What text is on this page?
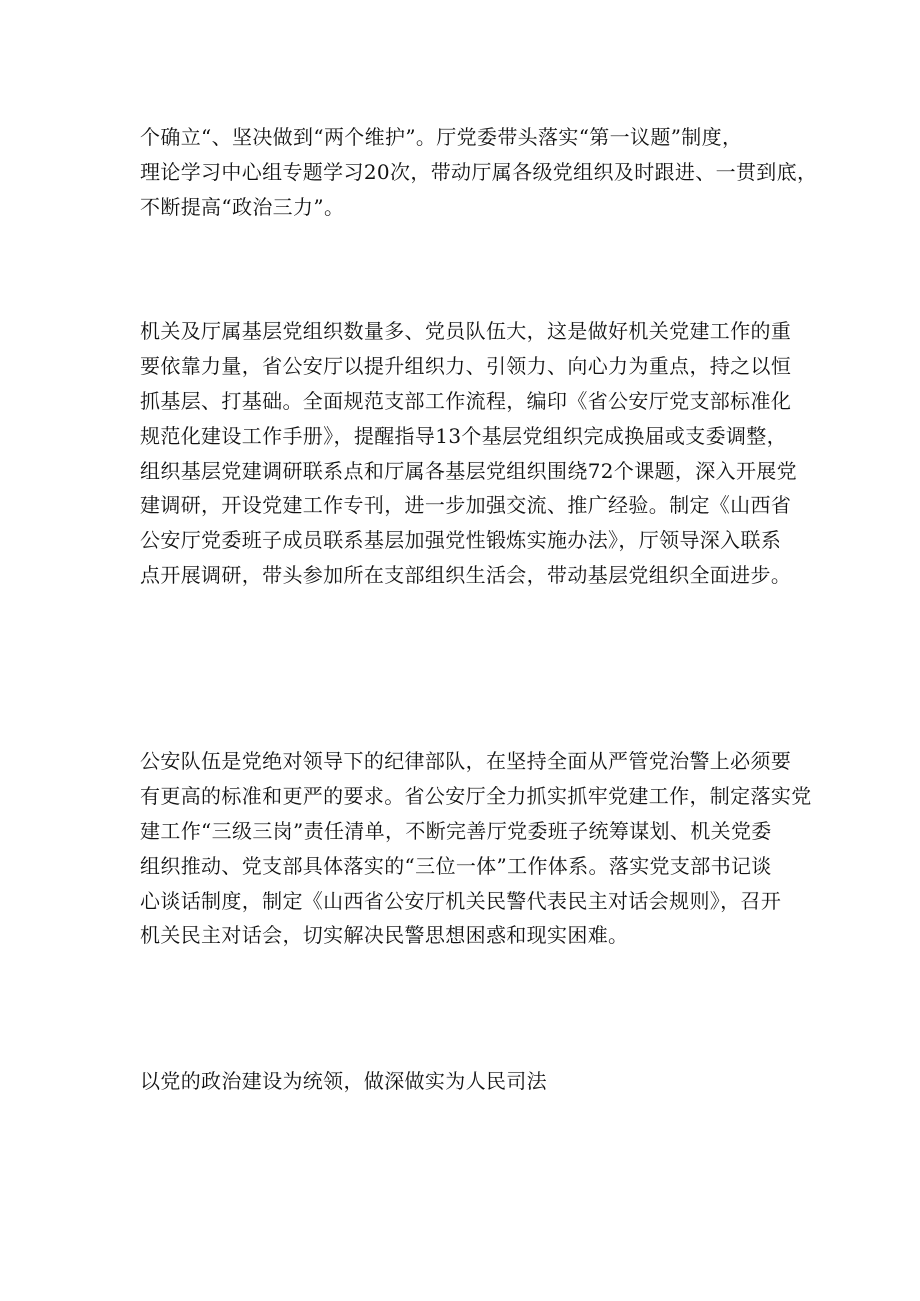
个确立“、坚决做到“两个维护”。厅党委带头落实“第一议题”制度，
理论学习中心组专题学习20次，带动厅属各级党组织及时跟进、一贯到底，
不断提高“政治三力”。
机关及厅属基层党组织数量多、党员队伍大，这是做好机关党建工作的重
要依靠力量，省公安厅以提升组织力、引领力、向心力为重点，持之以恒
抓基层、打基础。全面规范支部工作流程，编印《省公安厅党支部标准化
规范化建设工作手册》，提醒指导13个基层党组织完成换届或支委调整，
组织基层党建调研联系点和厅属各基层党组织围绕72个课题，深入开展党
建调研，开设党建工作专刊，进一步加强交流、推广经验。制定《山西省
公安厅党委班子成员联系基层加强党性锻炼实施办法》，厅领导深入联系
点开展调研，带头参加所在支部组织生活会，带动基层党组织全面进步。
公安队伍是党绝对领导下的纪律部队，在坚持全面从严管党治警上必须要
有更高的标准和更严的要求。省公安厅全力抓实抓牢党建工作，制定落实党
建工作“三级三岗”责任清单，不断完善厅党委班子统筹谋划、机关党委
组织推动、党支部具体落实的“三位一体”工作体系。落实党支部书记谈
心谈话制度，制定《山西省公安厅机关民警代表民主对话会规则》，召开
机关民主对话会，切实解决民警思想困惑和现实困难。
以党的政治建设为统领，做深做实为人民司法
